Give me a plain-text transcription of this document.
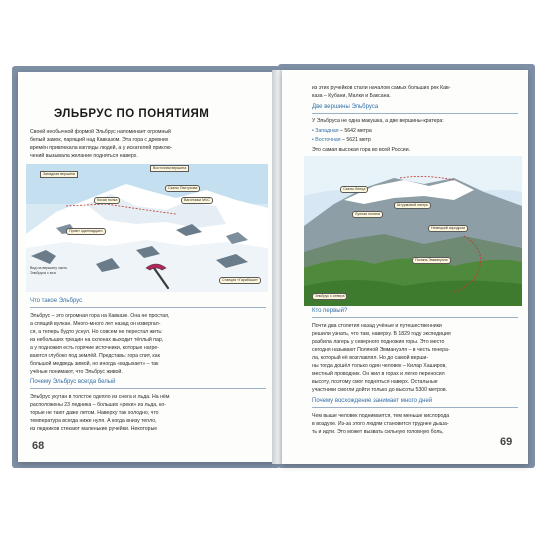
ЭЛЬБРУС ПО ПОНЯТИЯМ
Своей необычной формой Эльбрус напоминает огромный
белый замок, парящий над Кавказом. Эта гора с древних
времён привлекала взгляды людей, а у искателей приклю-
чений вызывала желание подняться наверх.
Западная вершина
Восточная вершина
Скалы Пастухова
Косая полка	Вагончики МЧС
Приют одиннадцати
Вид на вершину часть Эльбруса с юга
Станция «Гарабаши»
Что такое Эльбрус
Эльбрус – это огромная гора на Кавказе. Она не простая,
а спящий вулкан. Много-много лет назад он извергал-
ся, а теперь будто уснул. Но совсем не перестал жить:
из небольших трещин на склонах выходит тёплый пар,
а у подножия есть горячие источники, которые нагре-
ваются глубоко под землёй. Представь: гора спит, как
большой медведь зимой, но иногда «вздыхает» – так
учёные понимают, что Эльбрус живой.
Почему Эльбрус всегда белый
Эльбрус укутан в толстое одеяло из снега и льда. На нём
расположены 23 ледника – больших «реки» из льда, ко-
торые не тают даже летом. Наверху так холодно, что
температура всегда ниже нуля. А когда внизу тепло,
из ледников стекают маленькие ручейки. Некоторые
68
из этих ручейков стали началом самых больших рек Кав-
каза – Кубани, Малки и Баксана.
Две вершины Эльбруса
У Эльбруса не одна макушка, а две вершины-кратера:
• Западная – 5642 метра
• Восточная – 5621 метр
Это самая высокая гора во всей России.
Скалы Ленца
Штурмовой лагерь
Лунная поляна
Немецкий аэродром
Поляна Эммануэля
Эльбрус с севера
Кто первый?
Почти два столетия назад учёные и путешественники
решили узнать, что там, наверху. В 1829 году экспедиция
разбила лагерь у северного подножия горы. Это место
сегодня называют Поляной Эммануэля – в честь генера-
ла, который её возглавлял. Но до самой верши-
ны тогда дошёл только один человек – Килар Хаширов,
местный проводник. Он жил в горах и легко переносил
высоту, поэтому смог подняться наверх. Остальные
участники смогли дойти только до высоты 5300 метров.
Почему восхождение занимает много дней
Чем выше человек поднимается, тем меньше кислорода
в воздухе. Из-за этого людям становится труднее дыша-
ть и идти. Это может вызвать сильную головную боль,
69
